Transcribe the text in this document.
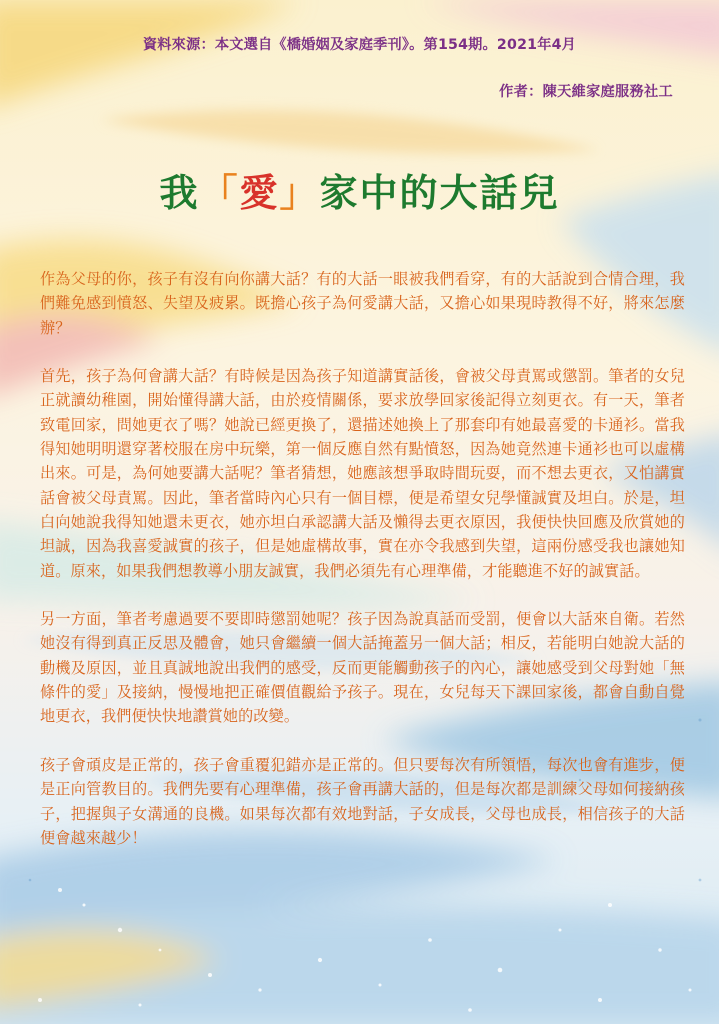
資料來源：本文選自《橋婚姻及家庭季刊》。第154期。2021年4月
作者：陳天維家庭服務社工
我「愛」家中的大話兒

作為父母的你，孩子有沒有向你講大話？有的大話一眼被我們看穿，有的大話說到合情合理，我們難免感到憤怒、失望及疲累。既擔心孩子為何愛講大話，又擔心如果現時教得不好，將來怎麼辦？

首先，孩子為何會講大話？有時候是因為孩子知道講實話後，會被父母責罵或懲罰。筆者的女兒正就讀幼稚園，開始懂得講大話，由於疫情關係，要求放學回家後記得立刻更衣。有一天，筆者致電回家，問她更衣了嗎？她說已經更換了，還描述她換上了那套印有她最喜愛的卡通衫。當我得知她明明還穿著校服在房中玩樂，第一個反應自然有點憤怒，因為她竟然連卡通衫也可以虛構出來。可是，為何她要講大話呢？筆者猜想，她應該想爭取時間玩耍，而不想去更衣，又怕講實話會被父母責罵。因此，筆者當時內心只有一個目標，便是希望女兒學懂誠實及坦白。於是，坦白向她說我得知她還未更衣，她亦坦白承認講大話及懶得去更衣原因，我便快快回應及欣賞她的坦誠，因為我喜愛誠實的孩子，但是她虛構故事，實在亦令我感到失望，這兩份感受我也讓她知道。原來，如果我們想教導小朋友誠實，我們必須先有心理準備，才能聽進不好的誠實話。

另一方面，筆者考慮過要不要即時懲罰她呢？孩子因為說真話而受罰，便會以大話來自衛。若然她沒有得到真正反思及體會，她只會繼續一個大話掩蓋另一個大話；相反，若能明白她說大話的動機及原因，並且真誠地說出我們的感受，反而更能觸動孩子的內心，讓她感受到父母對她「無條件的愛」及接納，慢慢地把正確價值觀給予孩子。現在，女兒每天下課回家後，都會自動自覺地更衣，我們便快快地讚賞她的改變。

孩子會頑皮是正常的，孩子會重覆犯錯亦是正常的。但只要每次有所領悟，每次也會有進步，便是正向管教目的。我們先要有心理準備，孩子會再講大話的，但是每次都是訓練父母如何接納孩子，把握與子女溝通的良機。如果每次都有效地對話，子女成長，父母也成長，相信孩子的大話便會越來越少！
